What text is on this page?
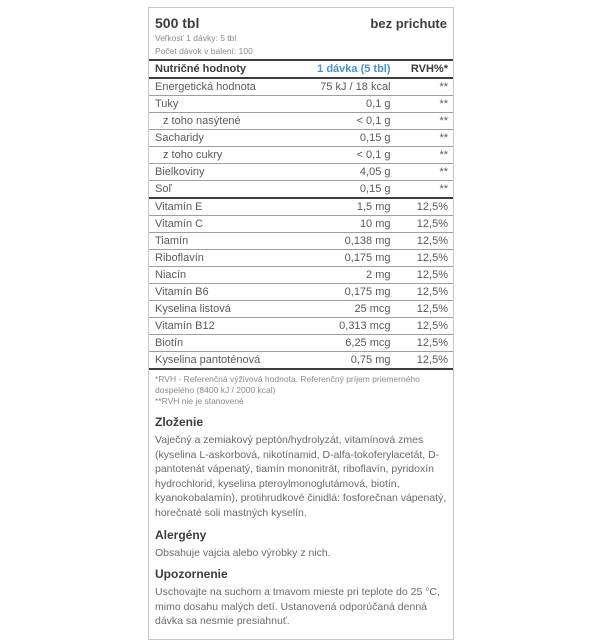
500 tbl	bez prichute
Veľkosť 1 dávky: 5 tbl
Počet dávok v balení: 100
Nutričné hodnoty	1 dávka (5 tbl)	RVH%*
Energetická hodnota	75 kJ / 18 kcal	**
Tuky	0,1 g	**
z toho nasýtené	< 0,1 g	**
Sacharidy	0,15 g	**
z toho cukry	< 0,1 g	**
Bielkoviny	4,05 g	**
Soľ	0,15 g	**
Vitamín E	1,5 mg	12,5%
Vitamín C	10 mg	12,5%
Tiamín	0,138 mg	12,5%
Riboflavín	0,175 mg	12,5%
Niacín	2 mg	12,5%
Vitamín B6	0,175 mg	12,5%
Kyselina listová	25 mcg	12,5%
Vitamín B12	0,313 mcg	12,5%
Biotín	6,25 mcg	12,5%
Kyselina pantoténová	0,75 mg	12,5%
*RVH - Referenčná výživová hodnota. Referenčný príjem priemerného dospelého (8400 kJ / 2000 kcal)
**RVH nie je stanovené
Zloženie

Vaječný a zemiakový peptón/hydrolyzát, vitamínová zmes (kyselina L-askorbová, nikotínamid, D-alfa-tokoferylacetát, D-pantotenát vápenatý, tiamín mononitrát, riboflavín, pyridoxín hydrochlorid, kyselina pteroylmonoglutámová, biotín, kyanokobalamín), protihrudkové činidlá: fosforečnan vápenatý, horečnaté soli mastných kyselín.

Alergény

Obsahuje vajcia alebo výrobky z nich.

Upozornenie

Uschovajte na suchom a tmavom mieste pri teplote do 25 °C, mimo dosahu malých detí. Ustanovená odporúčaná denná dávka sa nesmie presiahnuť.
